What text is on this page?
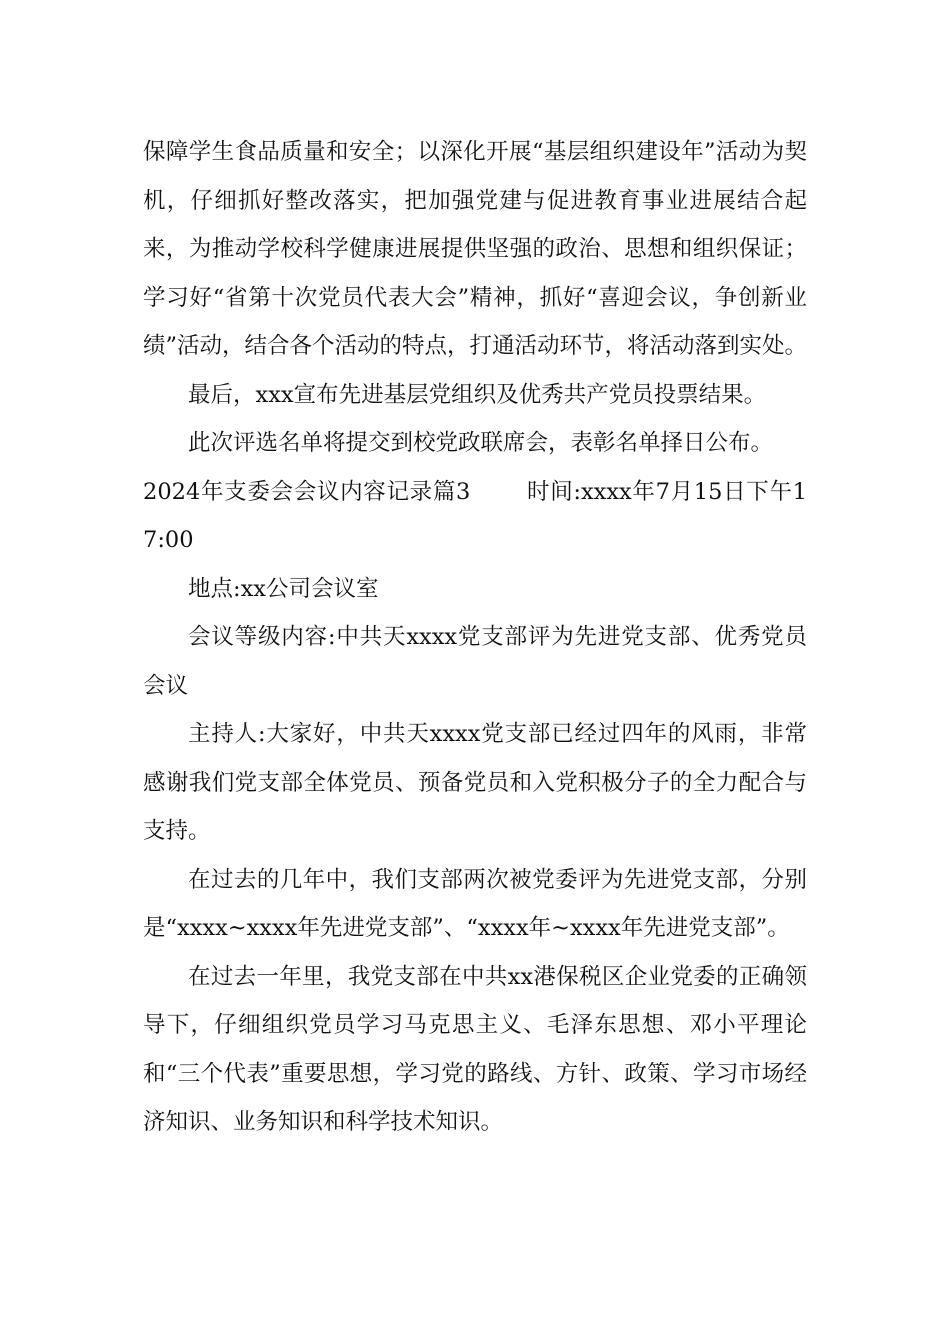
保障学生食品质量和安全；以深化开展“基层组织建设年”活动为契机，仔细抓好整改落实，把加强党建与促进教育事业进展结合起来，为推动学校科学健康进展提供坚强的政治、思想和组织保证；学习好“省第十次党员代表大会”精神，抓好“喜迎会议，争创新业绩”活动，结合各个活动的特点，打通活动环节，将活动落到实处。

最后，xxx宣布先进基层党组织及优秀共产党员投票结果。

此次评选名单将提交到校党政联席会，表彰名单择日公布。

2024年支委会会议内容记录篇3 时间:xxxx年7月15日下午17:00

地点:xx公司会议室

会议等级内容:中共天xxxx党支部评为先进党支部、优秀党员会议

主持人:大家好，中共天xxxx党支部已经过四年的风雨，非常感谢我们党支部全体党员、预备党员和入党积极分子的全力配合与支持。

在过去的几年中，我们支部两次被党委评为先进党支部，分别是“xxxx~xxxx年先进党支部”、“xxxx年~xxxx年先进党支部”。

在过去一年里，我党支部在中共xx港保税区企业党委的正确领导下，仔细组织党员学习马克思主义、毛泽东思想、邓小平理论和“三个代表”重要思想，学习党的路线、方针、政策、学习市场经济知识、业务知识和科学技术知识。
